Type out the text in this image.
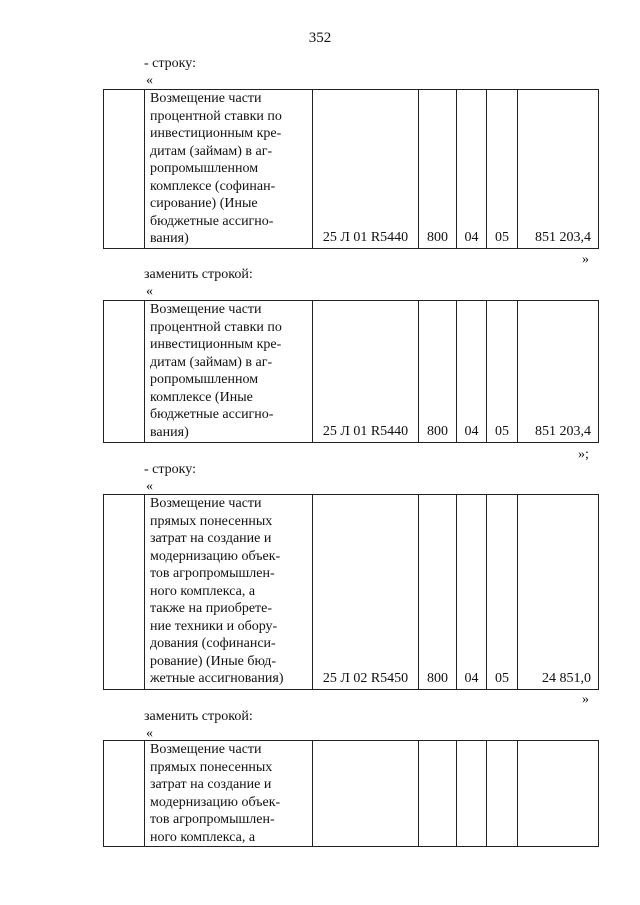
352
- строку:
«
	Возмещение части
процентной ставки по
инвестиционным кре-
дитам (займам) в аг-
ропромышленном
комплексе (софинан-
сирование) (Иные
бюджетные ассигно-
вания)	25 Л 01 R5440	800	04	05	851 203,4
»
заменить строкой:
«
	Возмещение части
процентной ставки по
инвестиционным кре-
дитам (займам) в аг-
ропромышленном
комплексе (Иные
бюджетные ассигно-
вания)	25 Л 01 R5440	800	04	05	851 203,4
»;
- строку:
«
	Возмещение части
прямых понесенных
затрат на создание и
модернизацию объек-
тов агропромышлен-
ного комплекса, а
также на приобрете-
ние техники и обору-
дования (софинанси-
рование) (Иные бюд-
жетные ассигнования)	25 Л 02 R5450	800	04	05	24 851,0
»
заменить строкой:
«
	Возмещение части
прямых понесенных
затрат на создание и
модернизацию объек-
тов агропромышлен-
ного комплекса, а					
